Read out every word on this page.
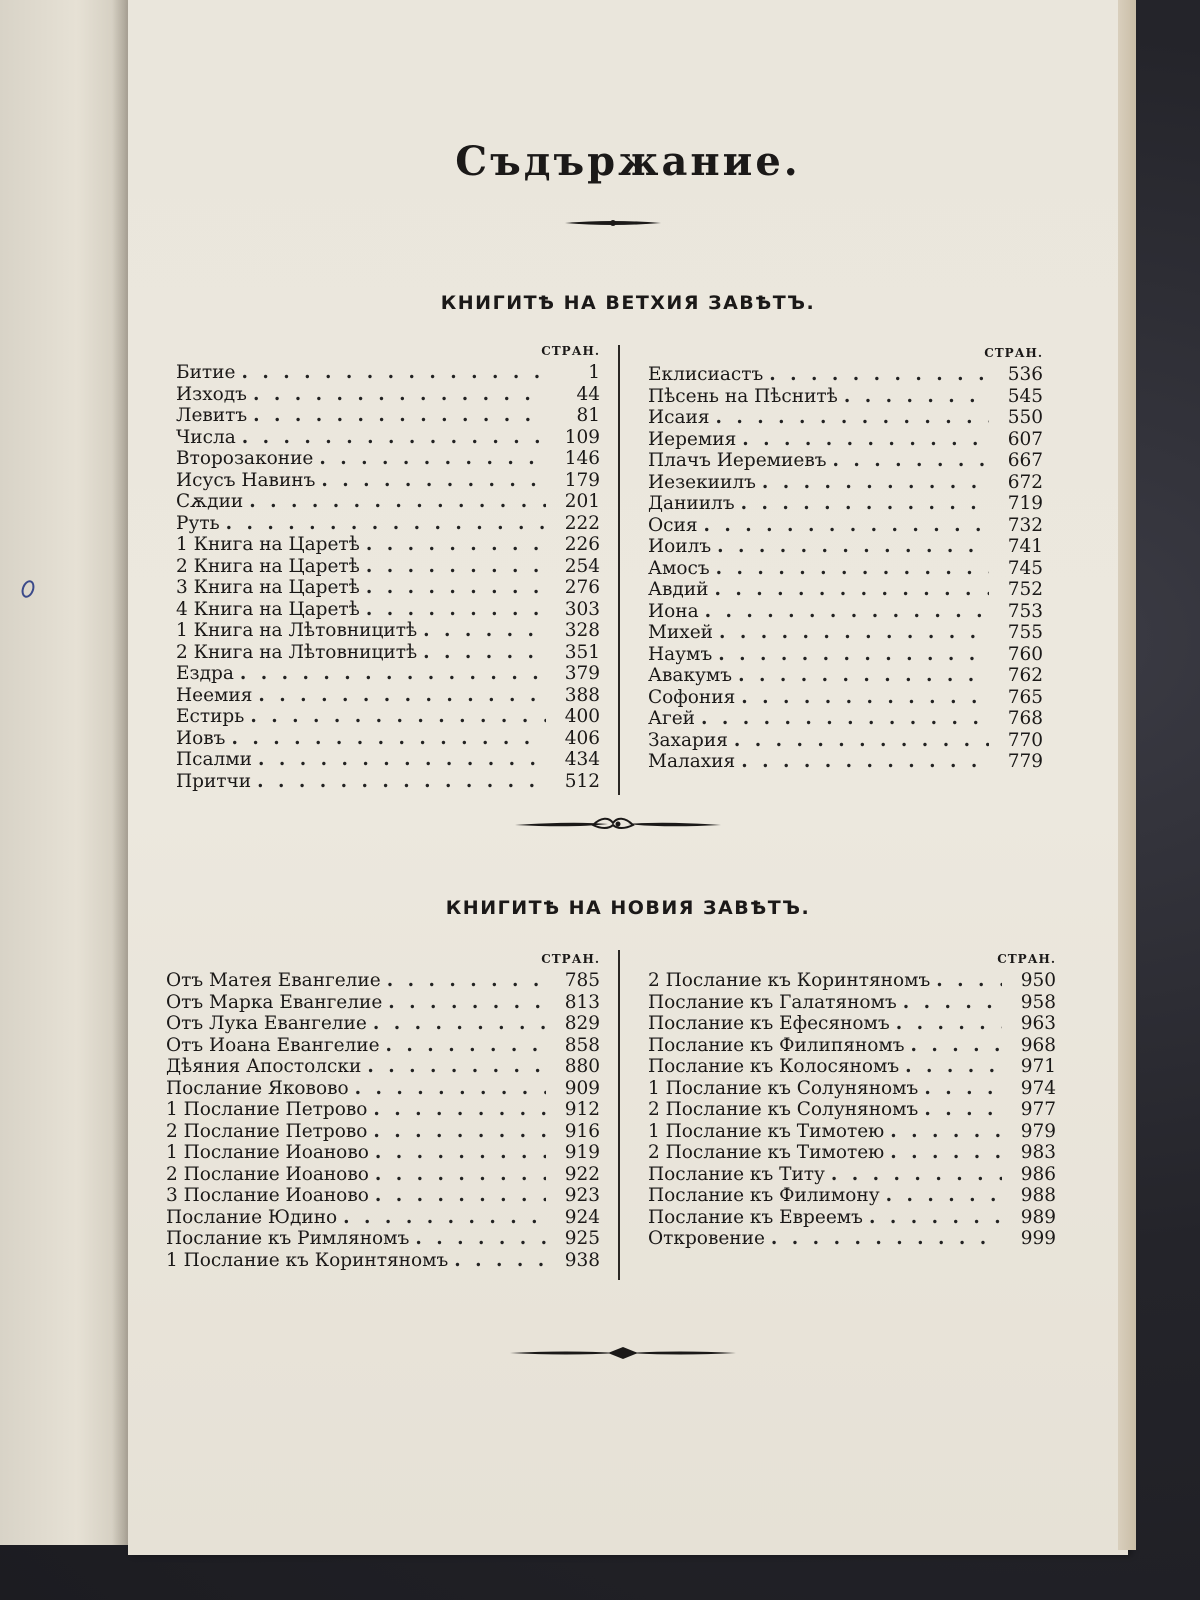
Съдържание.
КНИГИТѢ НА ВЕТХИЯ ЗАВѢТЪ.
СТРАН.
Битие . . .	1
Изходъ . . .	44
Левитъ . . .	81
Числа . . .	109
Второзаконие . . .	146
Исусъ Навинъ . . .	179
Сѫдии . . .	201
Руть . . .	222
1 Книга на Царетѣ . . .	226
2 Книга на Царетѣ . . .	254
3 Книга на Царетѣ . . .	276
4 Книга на Царетѣ . . .	303
1 Книга на Лѣтовницитѣ . . .	328
2 Книга на Лѣтовницитѣ . . .	351
Ездра . . .	379
Неемия . . .	388
Естирь . . .	400
Иовъ . . .	406
Псалми . . .	434
Притчи . . .	512
СТРАН.
Еклисиастъ . . .	536
Пѣсень на Пѣснитѣ . . .	545
Исаия . . .	550
Иеремия . . .	607
Плачъ Иеремиевъ . . .	667
Иезекиилъ . . .	672
Даниилъ . . .	719
Осия . . .	732
Иоилъ . . .	741
Амосъ . . .	745
Авдий . . .	752
Иона . . .	753
Михей . . .	755
Наумъ . . .	760
Авакумъ . . .	762
Софония . . .	765
Агей . . .	768
Захария . . .	770
Малахия . . .	779
КНИГИТѢ НА НОВИЯ ЗАВѢТЪ.
СТРАН.
Отъ Матея Евангелие . . .	785
Отъ Марка Евангелие . . .	813
Отъ Лука Евангелие . . .	829
Отъ Иоана Евангелие . . .	858
Дѣяния Апостолски . . .	880
Послание Яковово . . .	909
1 Послание Петрово . . .	912
2 Послание Петрово . . .	916
1 Послание Иоаново . . .	919
2 Послание Иоаново . . .	922
3 Послание Иоаново . . .	923
Послание Юдино . . .	924
Послание къ Римляномъ . . .	925
1 Послание къ Коринтяномъ . . .	938
СТРАН.
2 Послание къ Коринтяномъ . . .	950
Послание къ Галатяномъ . . .	958
Послание къ Ефесяномъ . . .	963
Послание къ Филипяномъ . . .	968
Послание къ Колосяномъ . . .	971
1 Послание къ Солуняномъ . . .	974
2 Послание къ Солуняномъ . . .	977
1 Послание къ Тимотею . . .	979
2 Послание къ Тимотею . . .	983
Послание къ Титу . . .	986
Послание къ Филимону . . .	988
Послание къ Евреемъ . . .	989
Откровение . . .	999
